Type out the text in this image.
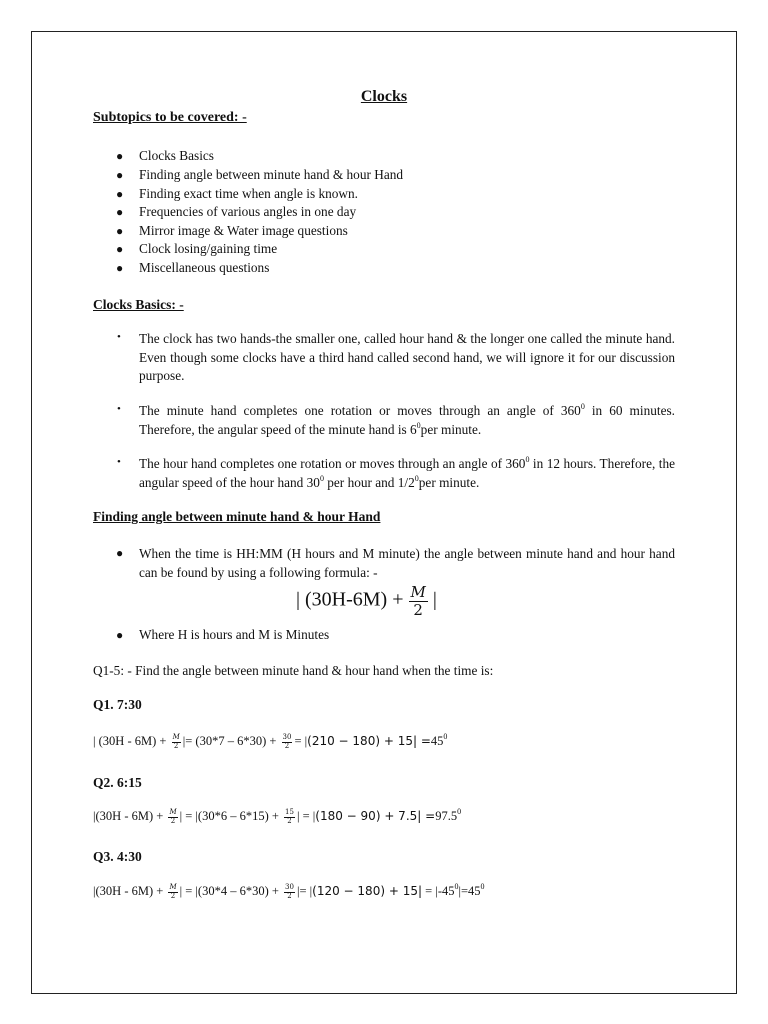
Clocks
Subtopics to be covered: -
● Clocks Basics
● Finding angle between minute hand & hour Hand
● Finding exact time when angle is known.
● Frequencies of various angles in one day
● Mirror image & Water image questions
● Clock losing/gaining time
● Miscellaneous questions
Clocks Basics: -
• The clock has two hands-the smaller one, called hour hand & the longer one called the minute hand. Even though some clocks have a third hand called second hand, we will ignore it for our discussion purpose.
• The minute hand completes one rotation or moves through an angle of $360^0$ in 60 minutes. Therefore, the angular speed of the minute hand is $6^0per$ minute.
• The hour hand completes one rotation or moves through an angle of $360^0$ in 12 hours. Therefore, the angular speed of the hour hand $30^0$ per hour and $1/2^0per$ minute.
Finding angle between minute hand & hour Hand
● When the time is HH:MM (H hours and M minute) the angle between minute hand and hour hand can be found by using a following formula: -
| $(30H-6M) + \frac{M}{2}$ |
● Where H is hours and M is Minutes
Q1-5: - Find the angle between minute hand & hour hand when the time is:
Q1. 7:30
| $(30H - 6M) + \frac{M}{2}$ |= $(30*7 - 6*30) + \frac{30}{2} = |(210 - 180) + 15| =45^0$
Q2. 6:15
$|(30H - 6M) + \frac{M}{2}$ | = $|(30*6 - 6*15) + \frac{15}{2}$ | = $|(180 - 90) + 7.5| =97.5^0$
Q3. 4:30
$|(30H - 6M) + \frac{M}{2}$ | = $|(30*4 - 6*30) + \frac{30}{2}$ |= $|(120 - 180) + 15| = |-45^0|=45^0$
